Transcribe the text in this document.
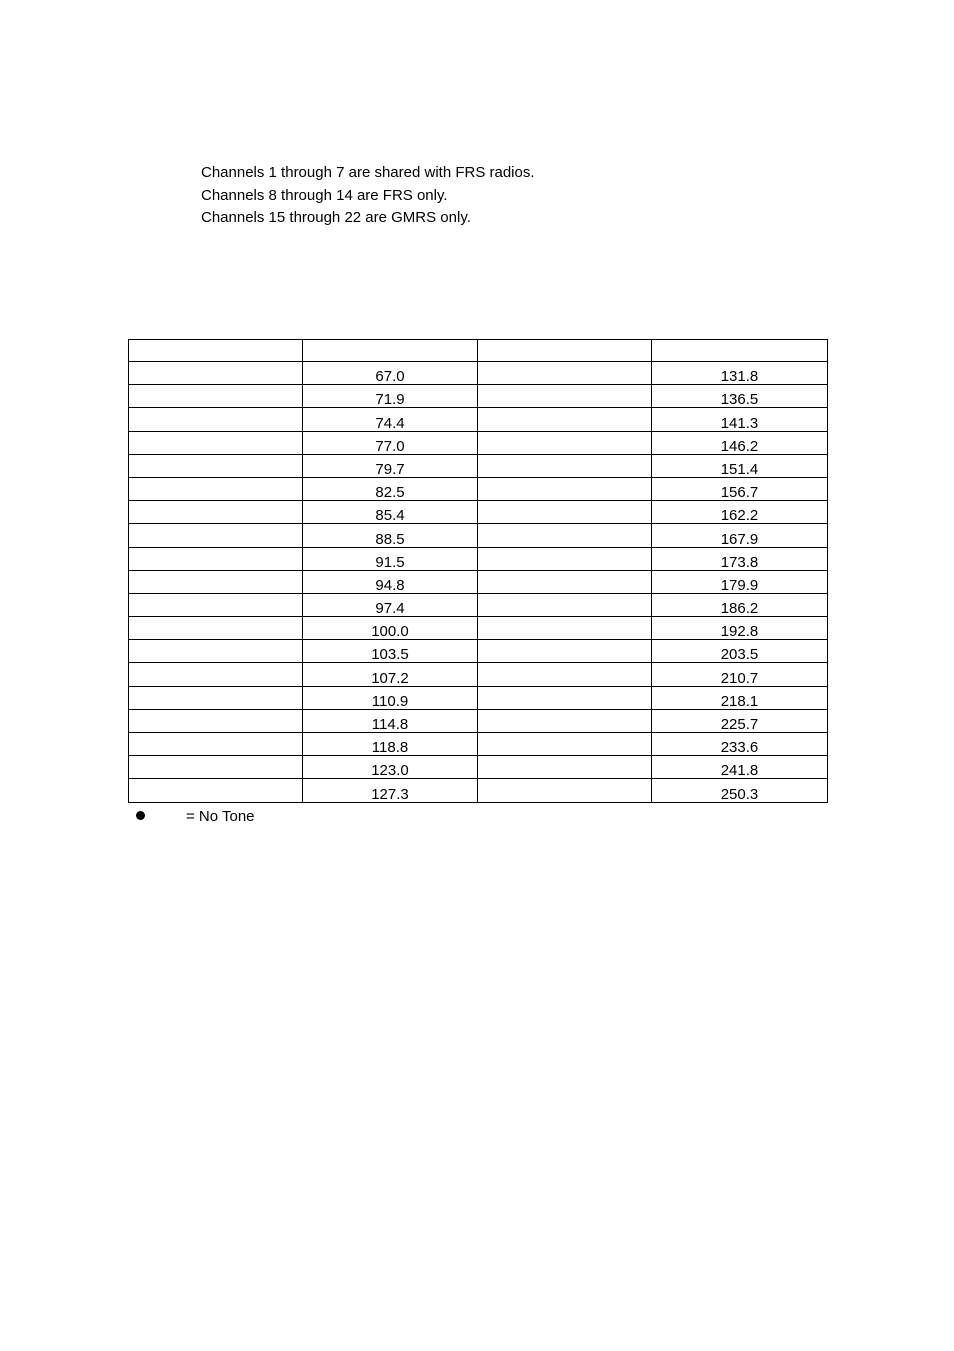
Channels 1 through 7 are shared with FRS radios.
Channels 8 through 14 are FRS only.
Channels 15 through 22 are GMRS only.

	67.0		131.8
	71.9		136.5
	74.4		141.3
	77.0		146.2
	79.7		151.4
	82.5		156.7
	85.4		162.2
	88.5		167.9
	91.5		173.8
	94.8		179.9
	97.4		186.2
	100.0		192.8
	103.5		203.5
	107.2		210.7
	110.9		218.1
	114.8		225.7
	118.8		233.6
	123.0		241.8
	127.3		250.3
= No Tone
